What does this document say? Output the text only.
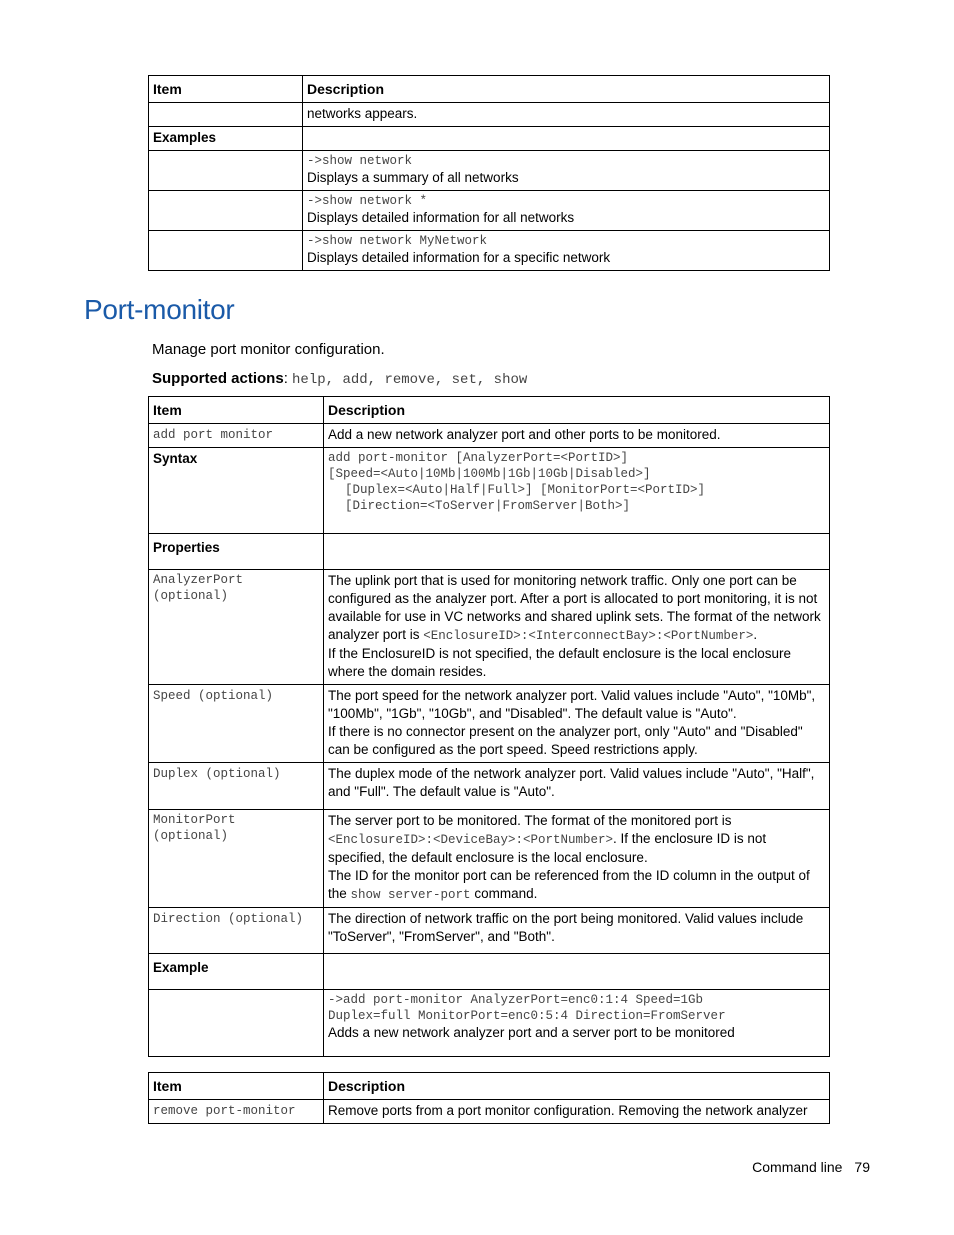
Item	Description
	networks appears.
Examples	

	->show network
Displays a summary of all networks

	->show network *
Displays detailed information for all networks

	->show network MyNetwork
Displays detailed information for a specific network
Port-monitor
Manage port monitor configuration.
Supported actions: help, add, remove, set, show
Item	Description
add port monitor	Add a new network analyzer port and other ports to be monitored.
Syntax	add port-monitor [AnalyzerPort=<PortID>]
[Speed=<Auto|10Mb|100Mb|1Gb|10Gb|Disabled>]
[Duplex=<Auto|Half|Full>] [MonitorPort=<PortID>]
[Direction=<ToServer|FromServer|Both>]

Properties	

AnalyzerPort
(optional)	The uplink port that is used for monitoring network traffic. Only one port can be configured as the analyzer port. After a port is allocated to port monitoring, it is not available for use in VC networks and shared uplink sets. The format of the network analyzer port is <EnclosureID>:<InterconnectBay>:<PortNumber>.
If the EnclosureID is not specified, the default enclosure is the local enclosure where the domain resides.
Speed (optional)	The port speed for the network analyzer port. Valid values include "Auto", "10Mb", "100Mb", "1Gb", "10Gb", and "Disabled". The default value is "Auto".
If there is no connector present on the analyzer port, only "Auto" and "Disabled" can be configured as the port speed. Speed restrictions apply.
Duplex (optional)	The duplex mode of the network analyzer port. Valid values include "Auto", "Half", and "Full". The default value is "Auto".

MonitorPort
(optional)	The server port to be monitored. The format of the monitored port is <EnclosureID>:<DeviceBay>:<PortNumber>. If the enclosure ID is not specified, the default enclosure is the local enclosure.
The ID for the monitor port can be referenced from the ID column in the output of the show server-port command.
Direction (optional)	The direction of network traffic on the port being monitored. Valid values include "ToServer", "FromServer", and "Both".
Example	

	->add port-monitor AnalyzerPort=enc0:1:4 Speed=1Gb
Duplex=full MonitorPort=enc0:5:4 Direction=FromServer
Adds a new network analyzer port and a server port to be monitored
Item	Description
remove port-monitor	Remove ports from a port monitor configuration. Removing the network analyzer
Command line 79
